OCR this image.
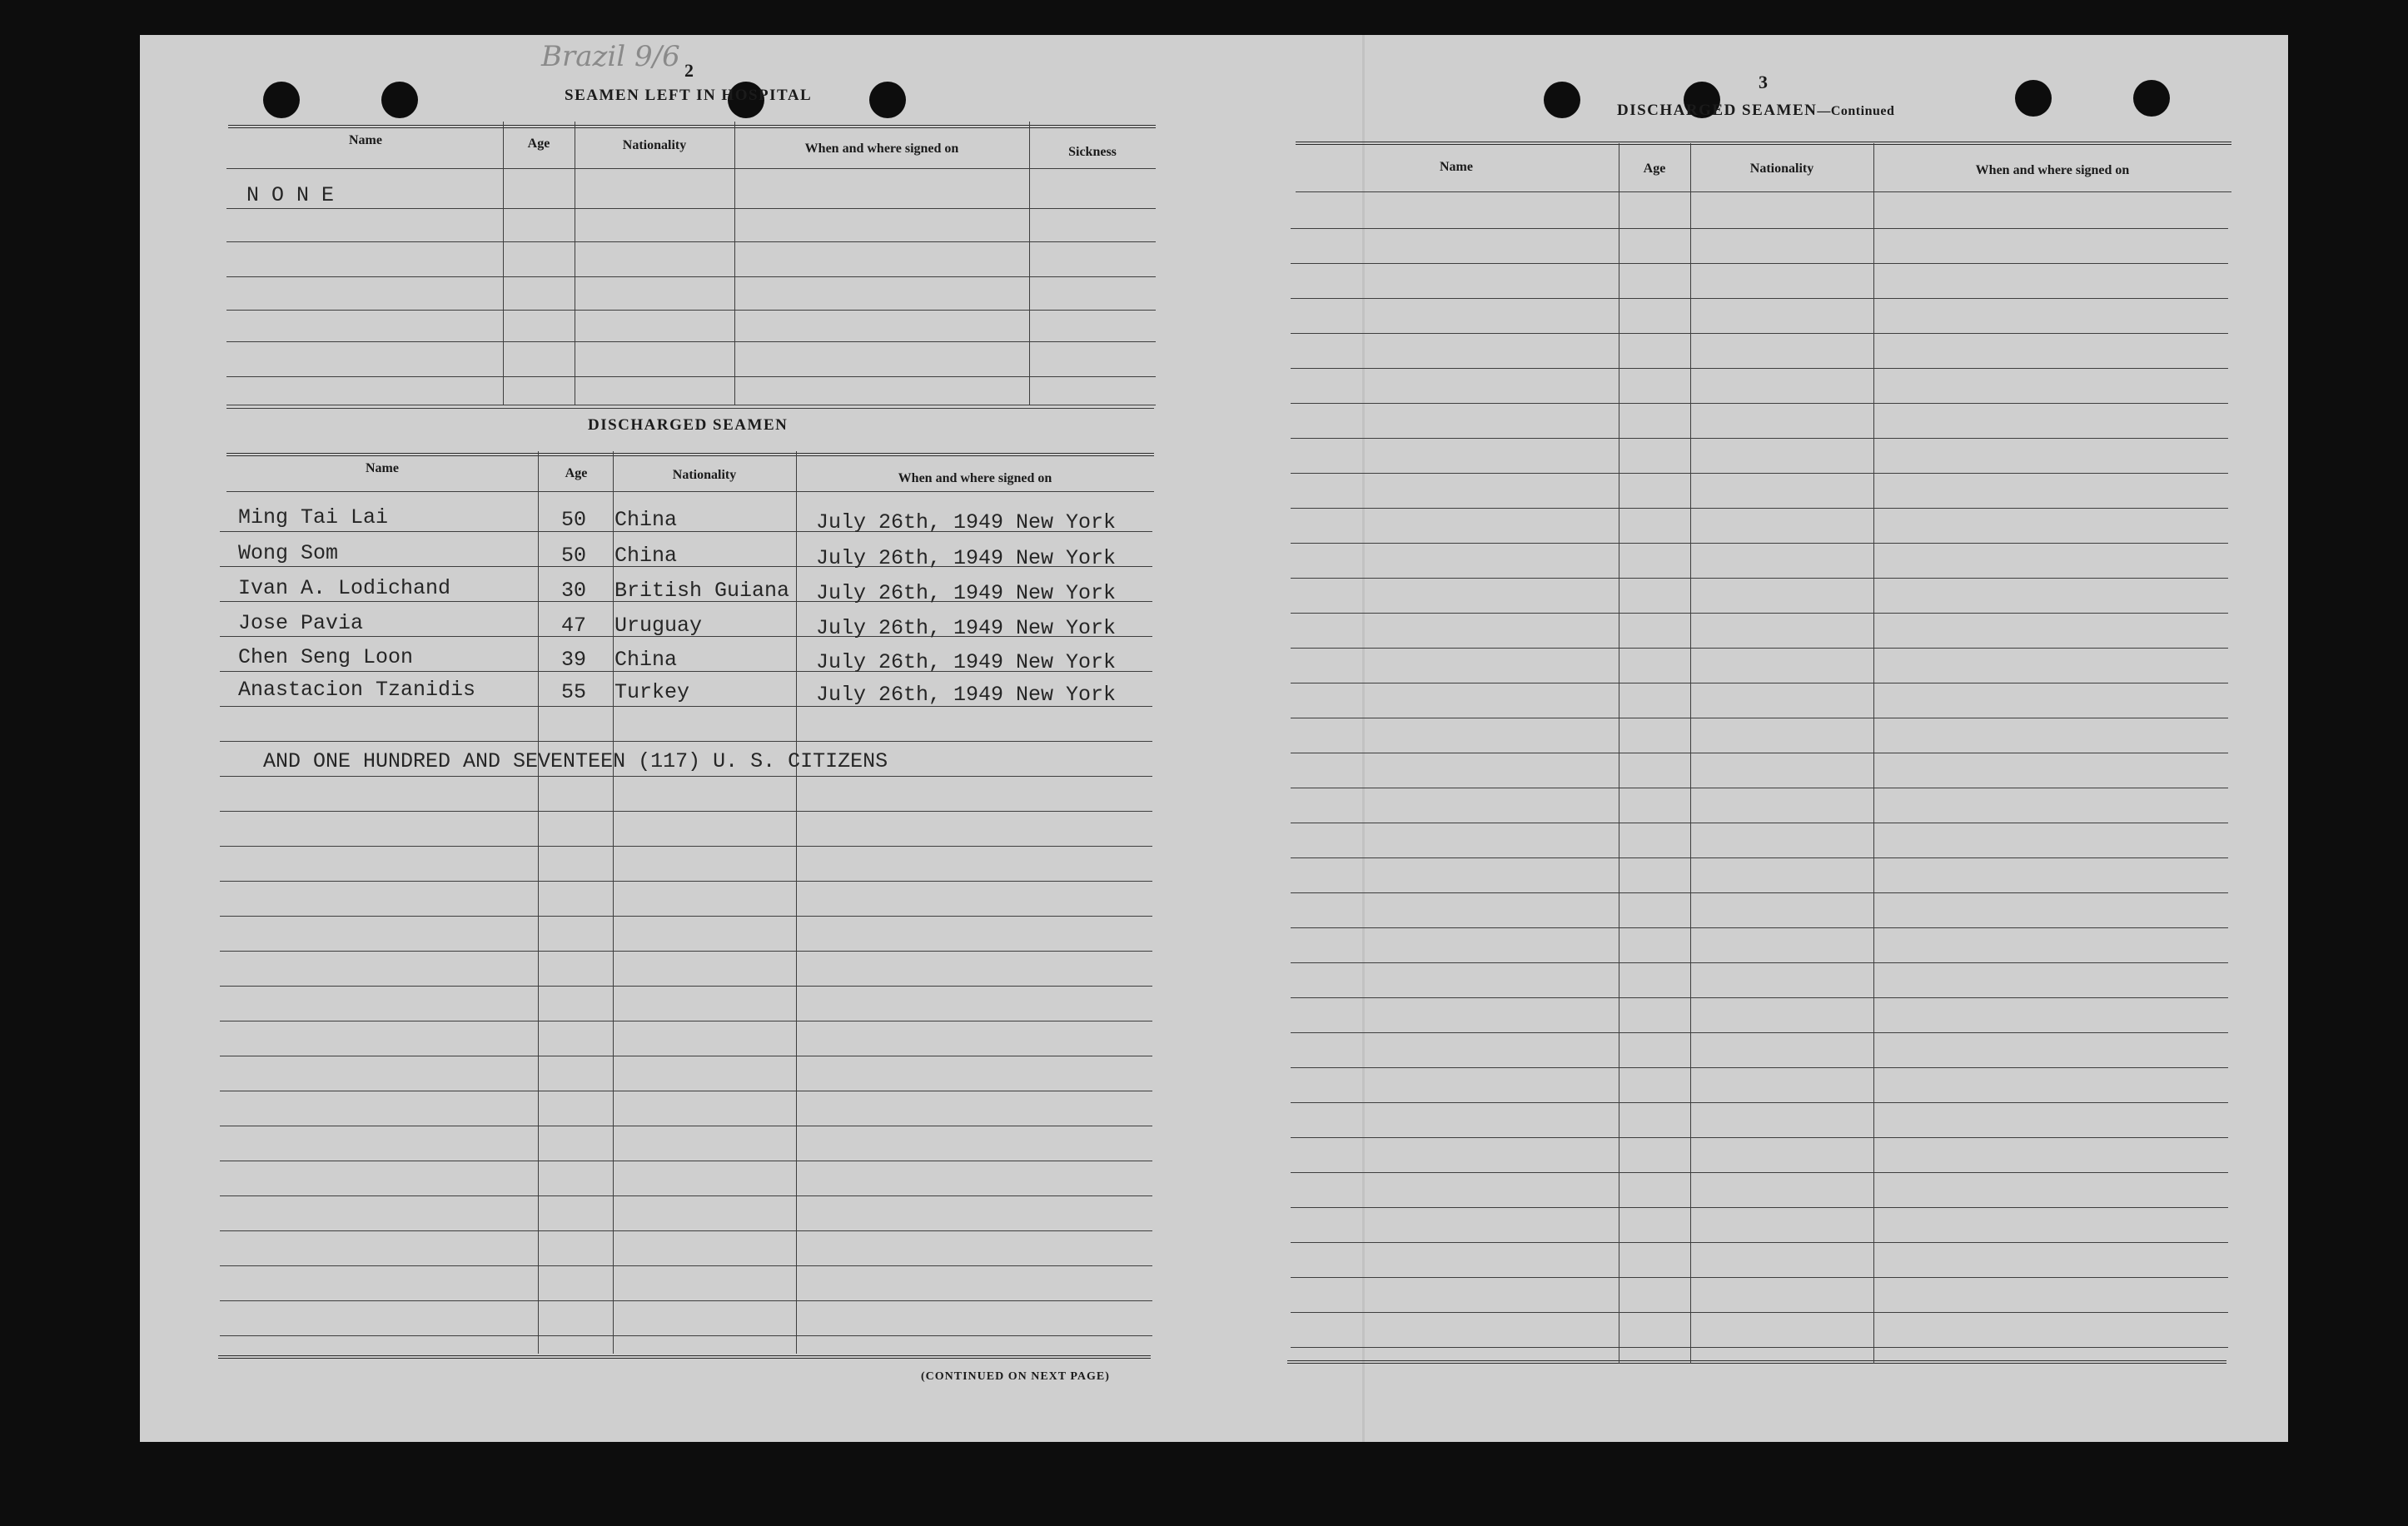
Brazil 9/6 2
SEAMEN LEFT IN HOSPITAL
Name	Age	Nationality	When and where signed on	Sickness
N O N E
DISCHARGED SEAMEN
Name	Age	Nationality	When and where signed on
Ming Tai Lai	50 China	July 26th, 1949 New York
Wong Som	50 China	July 26th, 1949 New York
Ivan A. Lodichand	30 British Guiana July 26th, 1949 New York
Jose Pavia	47 Uruguay	July 26th, 1949 New York
Chen Seng Loon	39 China	July 26th, 1949 New York
Anastacion Tzanidis	55 Turkey	July 26th, 1949 New York
AND ONE HUNDRED AND SEVENTEEN (117) U. S. CITIZENS
(CONTINUED ON NEXT PAGE)
3
DISCHARGED SEAMEN—Continued
Name	Age	Nationality	When and where signed on
